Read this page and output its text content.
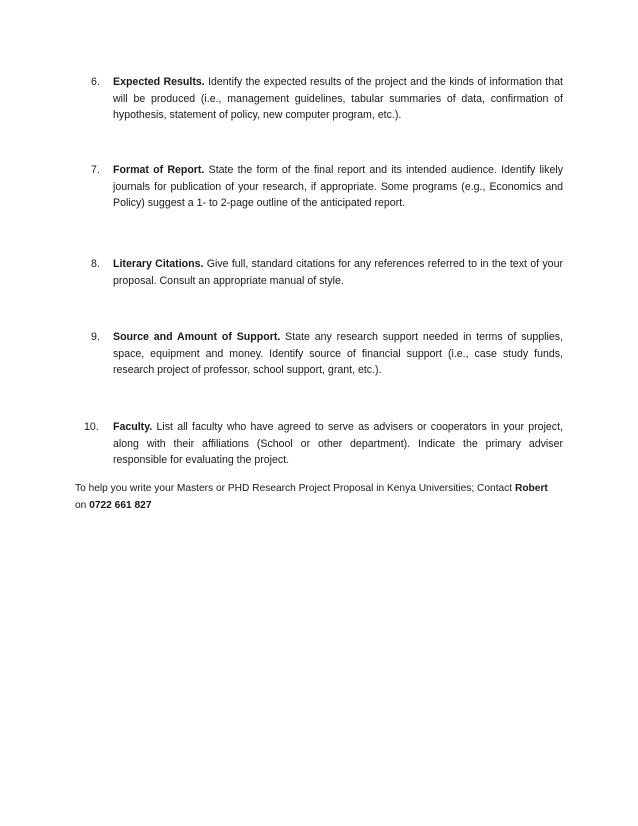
6. Expected Results. Identify the expected results of the project and the kinds of information that will be produced (i.e., management guidelines, tabular summaries of data, confirmation of hypothesis, statement of policy, new computer program, etc.).
7. Format of Report. State the form of the final report and its intended audience. Identify likely journals for publication of your research, if appropriate. Some programs (e.g., Economics and Policy) suggest a 1- to 2-page outline of the anticipated report.
8. Literary Citations. Give full, standard citations for any references referred to in the text of your proposal. Consult an appropriate manual of style.
9. Source and Amount of Support. State any research support needed in terms of supplies, space, equipment and money. Identify source of financial support (i.e., case study funds, research project of professor, school support, grant, etc.).
10. Faculty. List all faculty who have agreed to serve as advisers or cooperators in your project, along with their affiliations (School or other department). Indicate the primary adviser responsible for evaluating the project.
To help you write your Masters or PHD Research Project Proposal in Kenya Universities; Contact Robert
on 0722 661 827
